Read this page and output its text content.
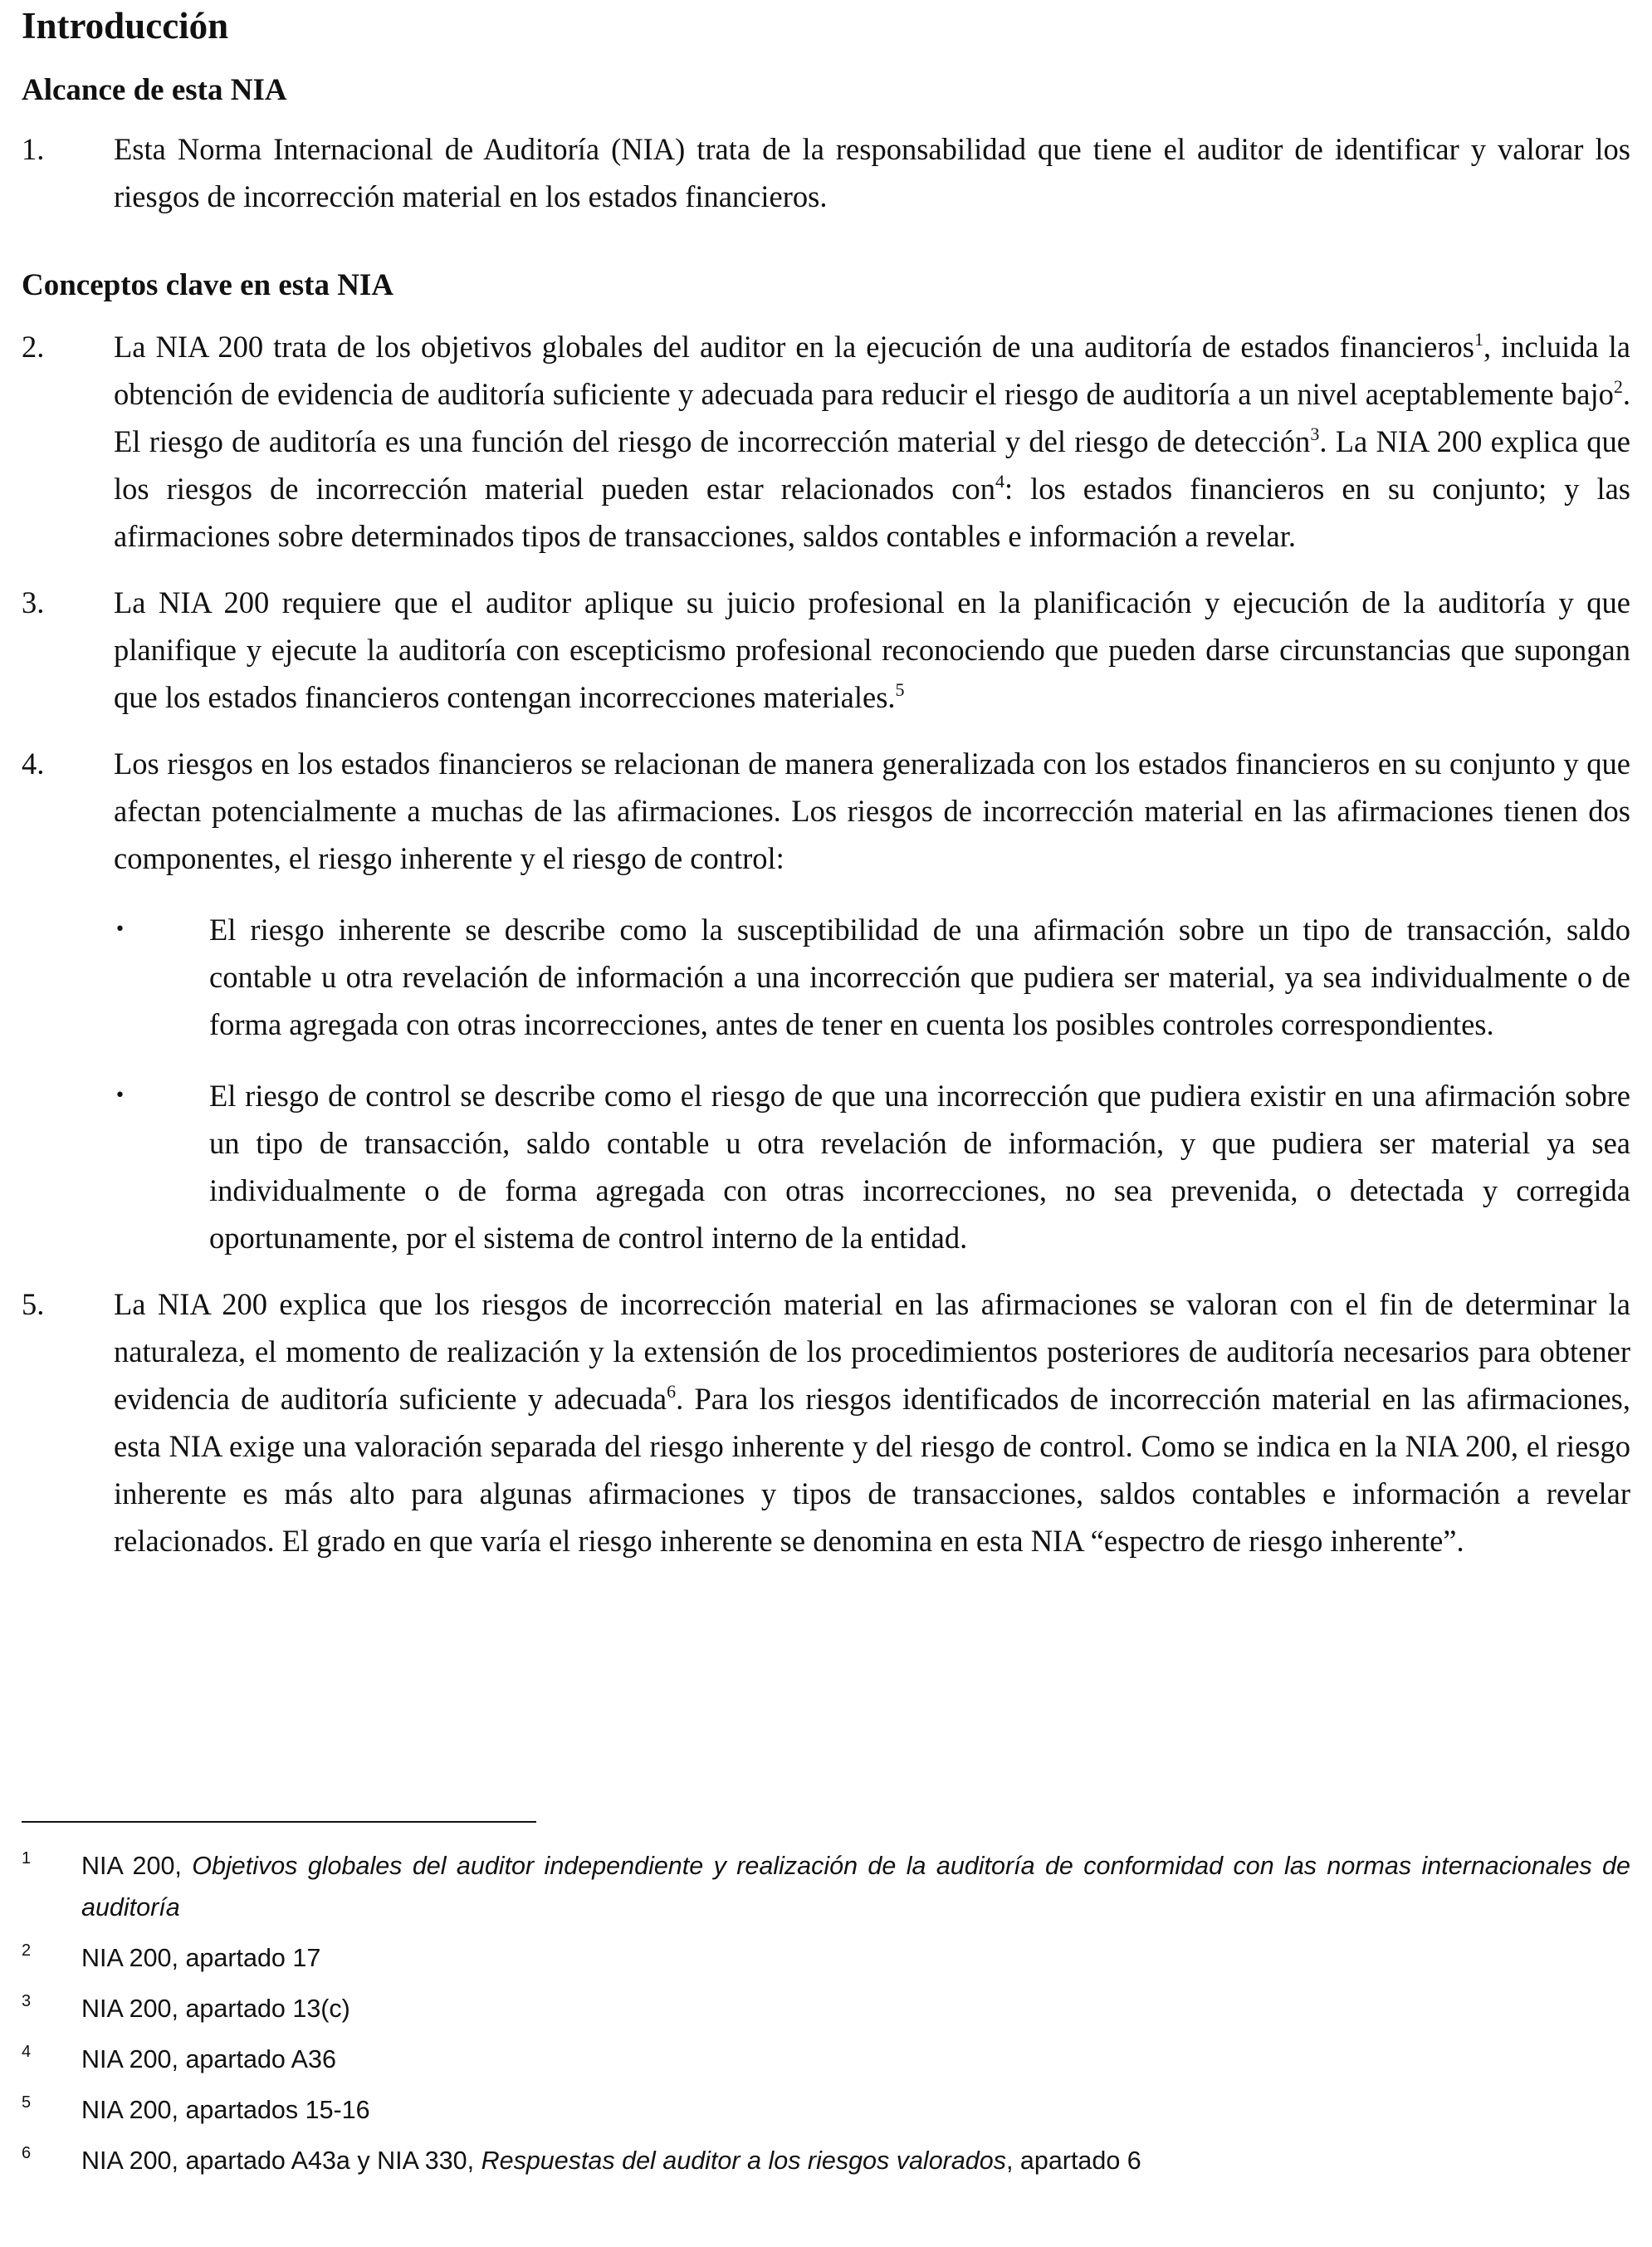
Introducción
Alcance de esta NIA
1. Esta Norma Internacional de Auditoría (NIA) trata de la responsabilidad que tiene el auditor de identificar y valorar los riesgos de incorrección material en los estados financieros.
Conceptos clave en esta NIA
2. La NIA 200 trata de los objetivos globales del auditor en la ejecución de una auditoría de estados financieros$^1$, incluida la obtención de evidencia de auditoría suficiente y adecuada para reducir el riesgo de auditoría a un nivel aceptablemente bajo$^2$. El riesgo de auditoría es una función del riesgo de incorrección material y del riesgo de detección$^3$. La NIA 200 explica que los riesgos de incorrección material pueden estar relacionados con$^4$: los estados financieros en su conjunto; y las afirmaciones sobre determinados tipos de transacciones, saldos contables e información a revelar.
3. La NIA 200 requiere que el auditor aplique su juicio profesional en la planificación y ejecución de la auditoría y que planifique y ejecute la auditoría con escepticismo profesional reconociendo que pueden darse circunstancias que supongan que los estados financieros contengan incorrecciones materiales.$^5$
4. Los riesgos en los estados financieros se relacionan de manera generalizada con los estados financieros en su conjunto y que afectan potencialmente a muchas de las afirmaciones. Los riesgos de incorrección material en las afirmaciones tienen dos componentes, el riesgo inherente y el riesgo de control:
•	El riesgo inherente se describe como la susceptibilidad de una afirmación sobre un tipo de transacción, saldo contable u otra revelación de información a una incorrección que pudiera ser material, ya sea individualmente o de forma agregada con otras incorrecciones, antes de tener en cuenta los posibles controles correspondientes.
•	El riesgo de control se describe como el riesgo de que una incorrección que pudiera existir en una afirmación sobre un tipo de transacción, saldo contable u otra revelación de información, y que pudiera ser material ya sea individualmente o de forma agregada con otras incorrecciones, no sea prevenida, o detectada y corregida oportunamente, por el sistema de control interno de la entidad.
5. La NIA 200 explica que los riesgos de incorrección material en las afirmaciones se valoran con el fin de determinar la naturaleza, el momento de realización y la extensión de los procedimientos posteriores de auditoría necesarios para obtener evidencia de auditoría suficiente y adecuada$^6$. Para los riesgos identificados de incorrección material en las afirmaciones, esta NIA exige una valoración separada del riesgo inherente y del riesgo de control. Como se indica en la NIA 200, el riesgo inherente es más alto para algunas afirmaciones y tipos de transacciones, saldos contables e información a revelar relacionados. El grado en que varía el riesgo inherente se denomina en esta NIA “espectro de riesgo inherente”.
1 NIA 200, Objetivos globales del auditor independiente y realización de la auditoría de conformidad con las normas internacionales de auditoría
2 NIA 200, apartado 17
3 NIA 200, apartado 13(c)
4 NIA 200, apartado A36
5 NIA 200, apartados 15-16
6 NIA 200, apartado A43a y NIA 330, Respuestas del auditor a los riesgos valorados, apartado 6
